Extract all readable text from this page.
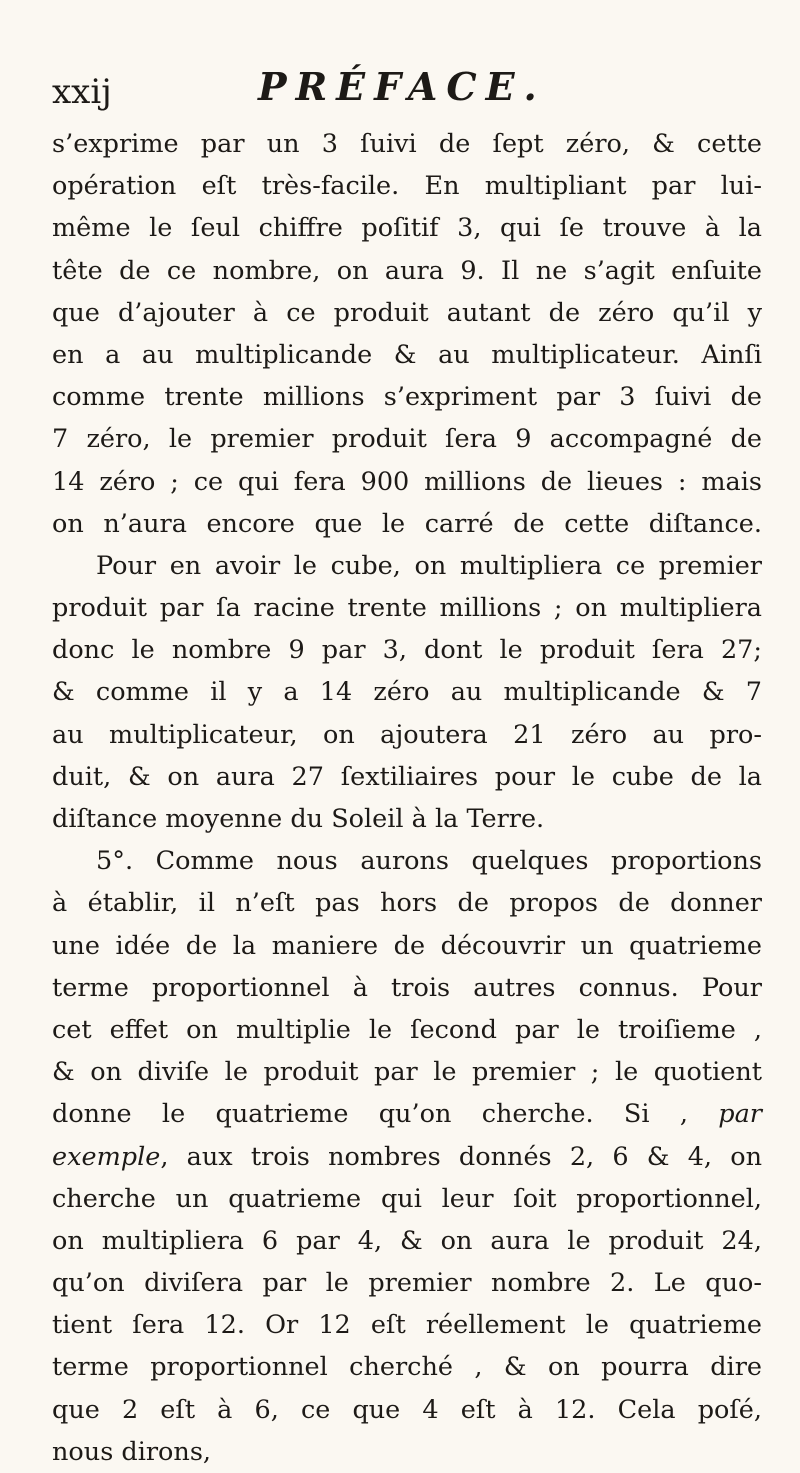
xxij	PRÉFACE.
s’exprime par un 3 ſuivi de ſept zéro, & cette
opération eſt très-facile. En multipliant par lui-
même le ſeul chiffre poſitif 3, qui ſe trouve à la
tête de ce nombre, on aura 9. Il ne s’agit enſuite
que d’ajouter à ce produit autant de zéro qu’il y
en a au multiplicande & au multiplicateur. Ainſi
comme trente millions s’expriment par 3 ſuivi de
7 zéro, le premier produit ſera 9 accompagné de
14 zéro ; ce qui fera 900 millions de lieues : mais
on n’aura encore que le carré de cette diſtance.
Pour en avoir le cube, on multipliera ce premier
produit par ſa racine trente millions ; on multipliera
donc le nombre 9 par 3, dont le produit ſera 27;
& comme il y a 14 zéro au multiplicande & 7
au multiplicateur, on ajoutera 21 zéro au pro-
duit, & on aura 27 ſextiliaires pour le cube de la
diſtance moyenne du Soleil à la Terre.
5°. Comme nous aurons quelques proportions
à établir, il n’eſt pas hors de propos de donner
une idée de la maniere de découvrir un quatrieme
terme proportionnel à trois autres connus. Pour
cet effet on multiplie le ſecond par le troiſieme ,
& on diviſe le produit par le premier ; le quotient
donne le quatrieme qu’on cherche. Si , par
exemple, aux trois nombres donnés 2, 6 & 4, on
cherche un quatrieme qui leur ſoit proportionnel,
on multipliera 6 par 4, & on aura le produit 24,
qu’on diviſera par le premier nombre 2. Le quo-
tient ſera 12. Or 12 eſt réellement le quatrieme
terme proportionnel cherché , & on pourra dire
que 2 eſt à 6, ce que 4 eſt à 12. Cela poſé,
nous dirons,
